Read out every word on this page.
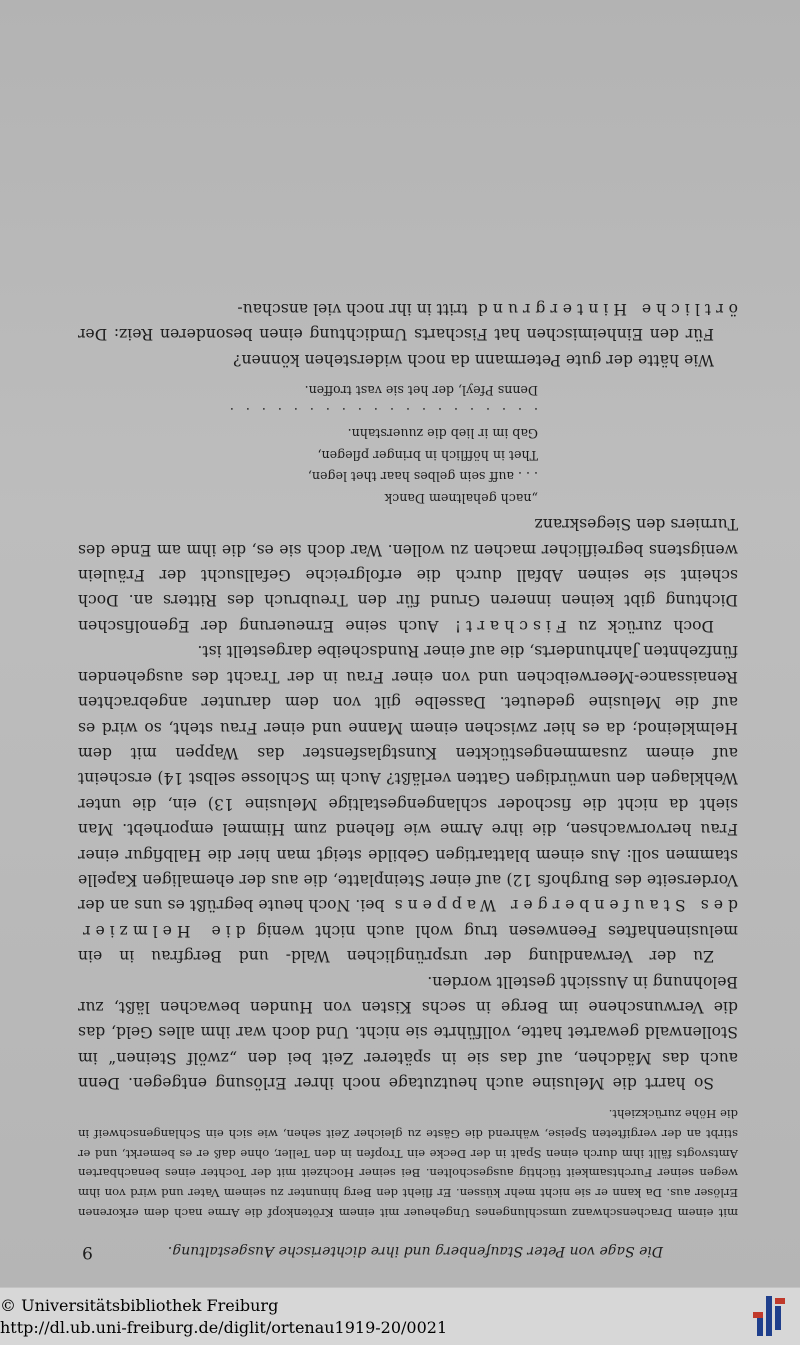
Die Sage von Peter Staufenberg und ihre dichterische Ausgestaltung.
9

mit einem Drachenschwanz umschlungenes Ungeheuer mit einem Krötenkopf die Arme nach dem erkorenen Erlöser aus. Da kann er sie nicht mehr küssen. Er flieht den Berg hinunter zu seinem Vater und wird von ihm wegen seiner Furchtsamkeit tüchtig ausgescholten. Bei seiner Hochzeit mit der Tochter eines benachbarten Amtsvogts fällt ihm durch einen Spalt in der Decke ein Tropfen in den Teller, ohne daß er es bemerkt, und er stirbt an der vergifteten Speise, während die Gäste zu gleicher Zeit sehen, wie sich ein Schlangenschweif in die Höhe zurückzieht.

So harrt die Melusine auch heutzutage noch ihrer Erlösung entgegen. Denn auch das Mädchen, auf das sie in späterer Zeit bei den „zwölf Steinen“ im Stollenwald gewartet hatte, vollführte sie nicht. Und doch war ihm alles Geld, das die Verwunschene im Berge in sechs Kisten von Hunden bewachen läßt, zur Belohnung in Aussicht gestellt worden.

Zu der Verwandlung der ursprünglichen Wald- und Bergfrau in ein melusinenhaftes Feenwesen trug wohl auch nicht wenig die Helmzier des Staufenberger Wappens bei. Noch heute begrüßt es uns an der Vorderseite des Burghofs 12) auf einer Steinplatte, die aus der ehemaligen Kapelle stammen soll: Aus einem blattartigen Gebilde steigt man hier die Halbfigur einer Frau hervorwachsen, die ihre Arme wie flehend zum Himmel emporhebt. Man sieht da nicht die fischoder schlangengestaltige Melusine 13) ein, die unter Wehklagen den unwürdigen Gatten verläßt? Auch im Schlosse selbst 14) erscheint auf einem zusammengestückten Kunstglasfenster das Wappen mit dem Helmkleinod; da es hier zwischen einem Manne und einer Frau steht, so wird es auf die Melusine gedeutet. Dasselbe gilt von dem darunter angebrachten Renaissance-Meerweibchen und von einer Frau in der Tracht des ausgehenden fünfzehnten Jahrhunderts, die auf einer Rundscheibe dargestellt ist.

Doch zurück zu Fischart! Auch seine Erneuerung der Egenolfischen Dichtung gibt keinen inneren Grund für den Treubruch des Ritters an. Doch scheint sie seinen Abfall durch die erfolgreiche Gefallsucht der Fräulein wenigstens begreiflicher machen zu wollen. War doch sie es, die ihm am Ende des Turniers den Siegeskranz

„nach gehaltnem Danck
. . . auff sein gelbes haar thet legen,
Thet in höfflich in bringer pflegen,
Gab im ir lieb die zuuerstahn.
. . . . . . . . . . . . . . . . . . . .
Denns Pfeyl, der het sie vast troffen.

Wie hätte der gute Petermann da noch widerstehen können?

Für den Einheimischen hat Fischarts Umdichtung einen besonderen Reiz: Der örtliche Hintergrund tritt in ihr noch viel anschau-

© Universitätsbibliothek Freiburg
http://dl.ub.uni-freiburg.de/diglit/ortenau1919-20/0021
